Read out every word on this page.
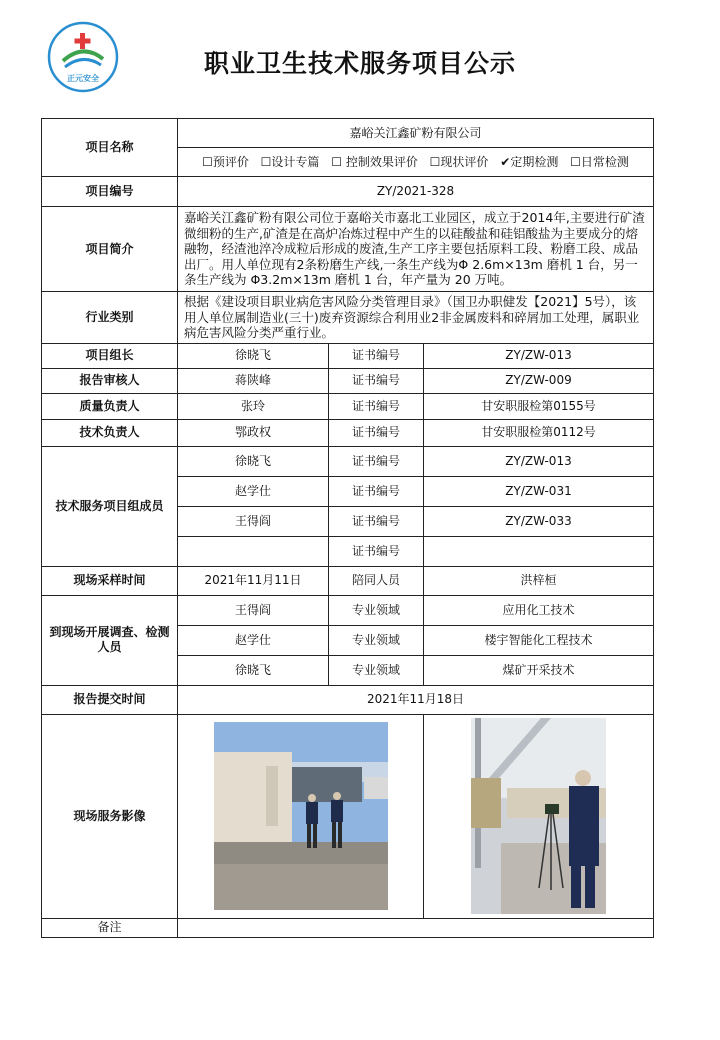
正元安全
职业卫生技术服务项目公示
项目名称	嘉峪关江鑫矿粉有限公司		
	☐预评价 ☐设计专篇 ☐ 控制效果评价 ☐现状评价 ✔定期检测 ☐日常检测		
项目编号	ZY/2021-328		
项目简介	嘉峪关江鑫矿粉有限公司位于嘉峪关市嘉北工业园区，成立于2014年,主要进行矿渣微细粉的生产,矿渣是在高炉冶炼过程中产生的以硅酸盐和硅铝酸盐为主要成分的熔融物，经渣池淬冷成粒后形成的废渣,生产工序主要包括原料工段、粉磨工段、成品出厂。用人单位现有2条粉磨生产线,一条生产线为Φ 2.6m×13m 磨机 1 台，另一条生产线为 Φ3.2m×13m 磨机 1 台，年产量为 20 万吨。		
行业类别	根据《建设项目职业病危害风险分类管理目录》（国卫办职健发【2021】5号），该用人单位属制造业(三十)废弃资源综合利用业2非金属废料和碎屑加工处理，属职业病危害风险分类严重行业。		
项目组长	徐晓飞	证书编号	ZY/ZW-013
报告审核人	蒋陕峰	证书编号	ZY/ZW-009
质量负责人	张玲	证书编号	甘安职服检第0155号
技术负责人	鄂政权	证书编号	甘安职服检第0112号
技术服务项目组成员	徐晓飞	证书编号	ZY/ZW-013
	赵学仕	证书编号	ZY/ZW-031
	王得阎	证书编号	ZY/ZW-033
		证书编号	
现场采样时间	2021年11月11日	陪同人员	洪梓桓
到现场开展调查、检测人员	王得阎	专业领域	应用化工技术
	赵学仕	专业领域	楼宇智能化工程技术
	徐晓飞	专业领域	煤矿开采技术
报告提交时间	2021年11月18日		
现场服务影像	

备注			
